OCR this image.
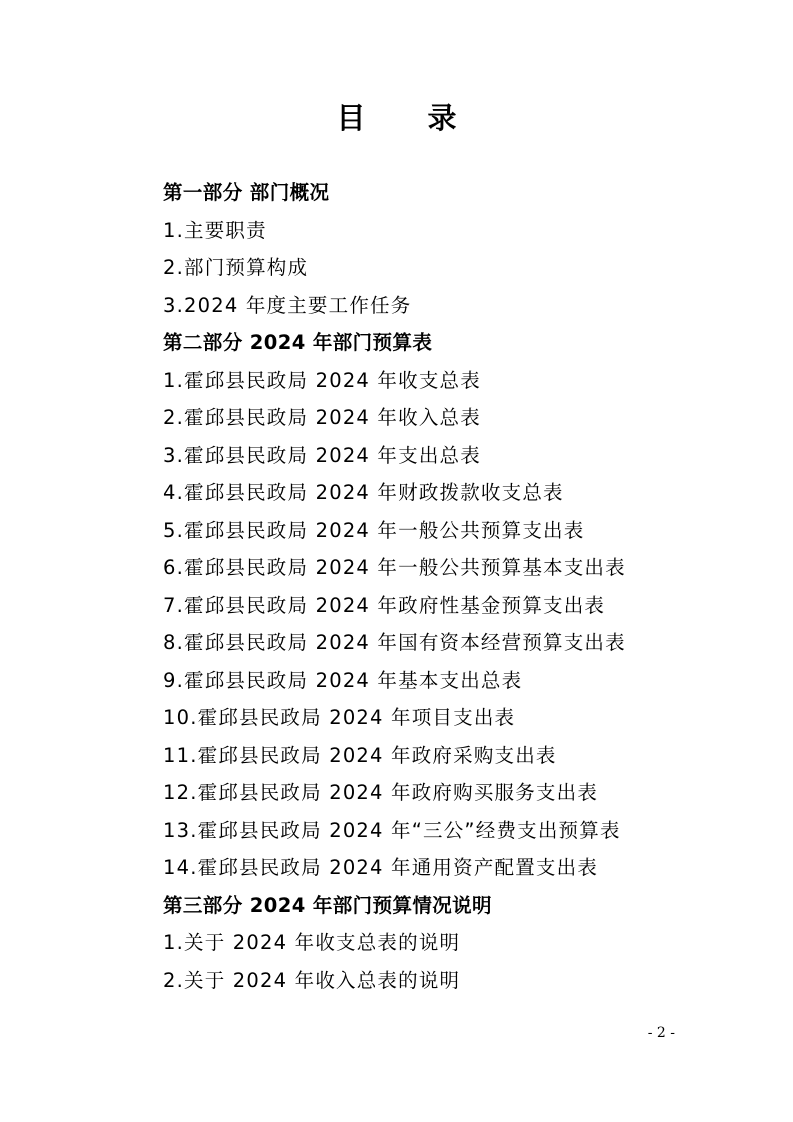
目 录
第一部分 部门概况
1.主要职责
2.部门预算构成
3.2024 年度主要工作任务
第二部分 2024 年部门预算表
1.霍邱县民政局 2024 年收支总表
2.霍邱县民政局 2024 年收入总表
3.霍邱县民政局 2024 年支出总表
4.霍邱县民政局 2024 年财政拨款收支总表
5.霍邱县民政局 2024 年一般公共预算支出表
6.霍邱县民政局 2024 年一般公共预算基本支出表
7.霍邱县民政局 2024 年政府性基金预算支出表
8.霍邱县民政局 2024 年国有资本经营预算支出表
9.霍邱县民政局 2024 年基本支出总表
10.霍邱县民政局 2024 年项目支出表
11.霍邱县民政局 2024 年政府采购支出表
12.霍邱县民政局 2024 年政府购买服务支出表
13.霍邱县民政局 2024 年“三公”经费支出预算表
14.霍邱县民政局 2024 年通用资产配置支出表
第三部分 2024 年部门预算情况说明
1.关于 2024 年收支总表的说明
2.关于 2024 年收入总表的说明
- 2 -
